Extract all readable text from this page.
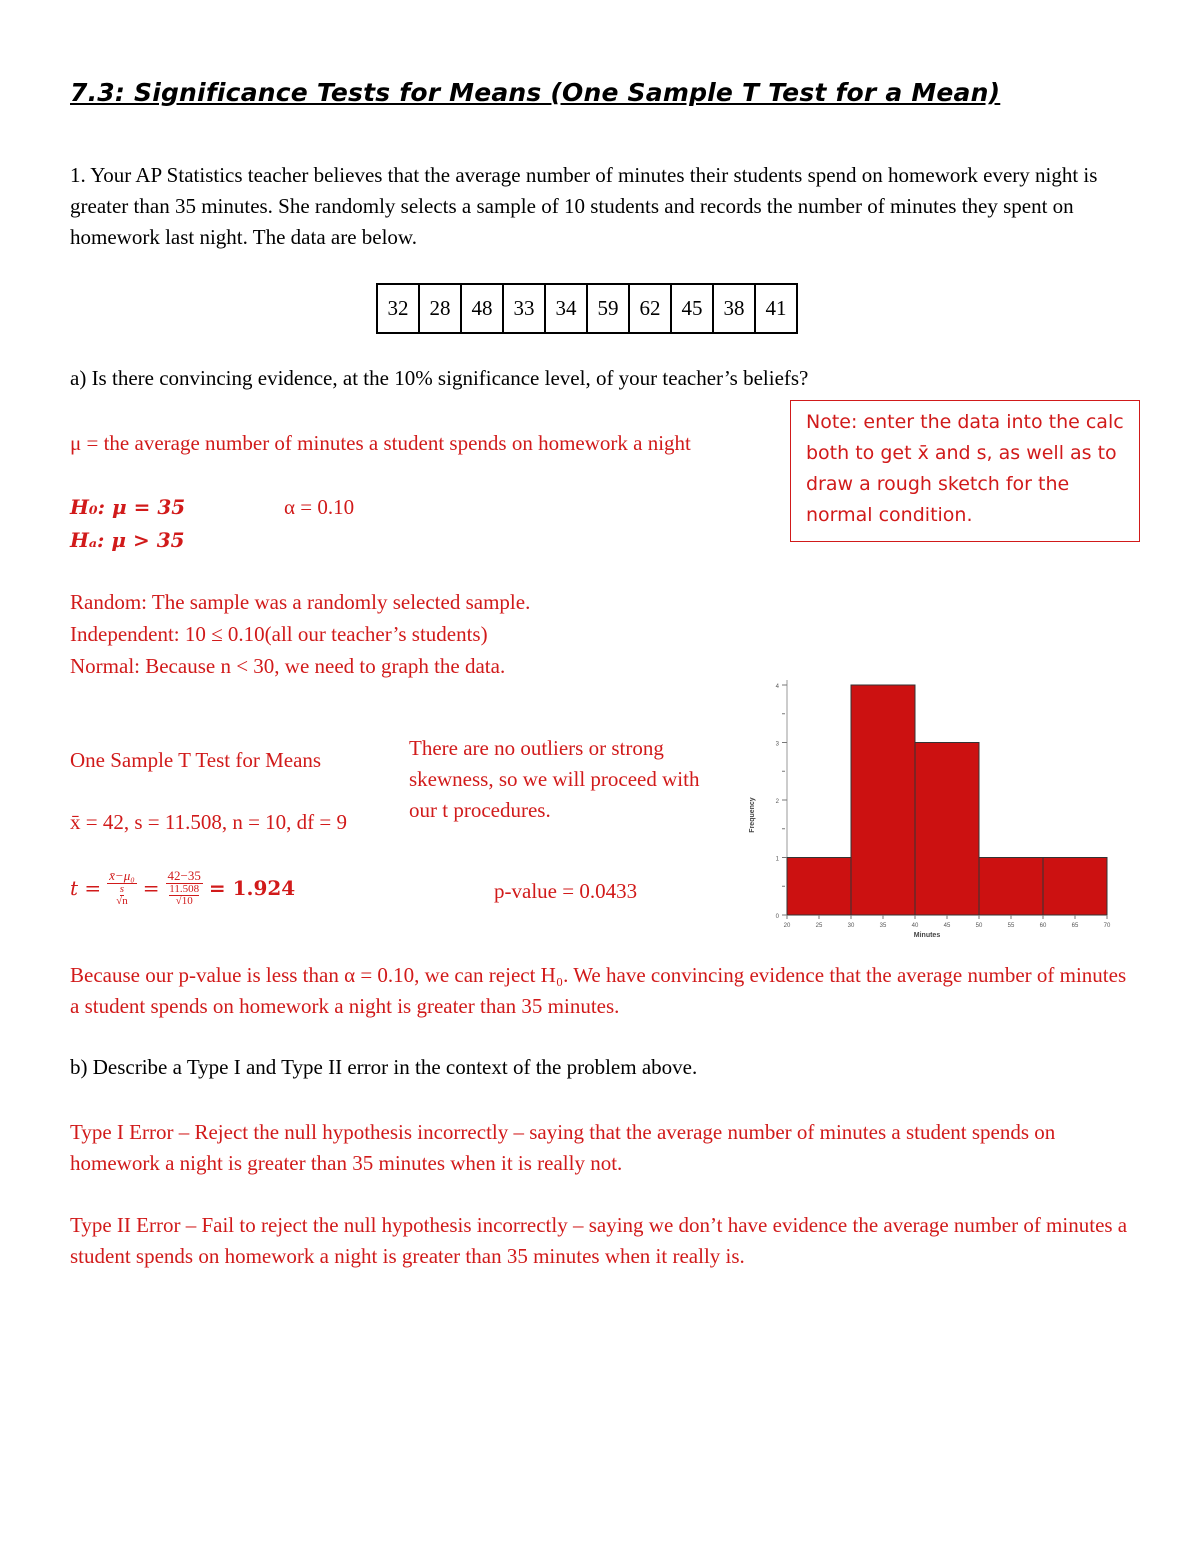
7.3: Significance Tests for Means (One Sample T Test for a Mean)
1. Your AP Statistics teacher believes that the average number of minutes their students spend on homework every night is greater than 35 minutes. She randomly selects a sample of 10 students and records the number of minutes they spent on homework last night. The data are below.
32	28	48	33	34	59	62	45	38	41
a) Is there convincing evidence, at the 10% significance level, of your teacher’s beliefs?
Note: enter the data into the calc both to get x̄ and s, as well as to draw a rough sketch for the normal condition.
μ = the average number of minutes a student spends on homework a night
H₀: μ = 35	α = 0.10
Hₐ: μ > 35
Random: The sample was a randomly selected sample.
Independent: 10 ≤ 0.10(all our teacher’s students)
Normal: Because n < 30, we need to graph the data.
One Sample T Test for Means	There are no outliers or strong skewness, so we will proceed with our t procedures.
x̄ = 42, s = 11.508, n = 10, df = 9
t = x̄−μ₀
s
√n = 42−35
11.508
√10 = 1.924	p-value = 0.0433
0
1
2
3
4
20	25	30	35	40	45	50	55	60	65	70
Minutes
Frequency
Because our p-value is less than α = 0.10, we can reject H₀. We have convincing evidence that the average number of minutes a student spends on homework a night is greater than 35 minutes.
b) Describe a Type I and Type II error in the context of the problem above.
Type I Error – Reject the null hypothesis incorrectly – saying that the average number of minutes a student spends on homework a night is greater than 35 minutes when it is really not.
Type II Error – Fail to reject the null hypothesis incorrectly – saying we don’t have evidence the average number of minutes a student spends on homework a night is greater than 35 minutes when it really is.
